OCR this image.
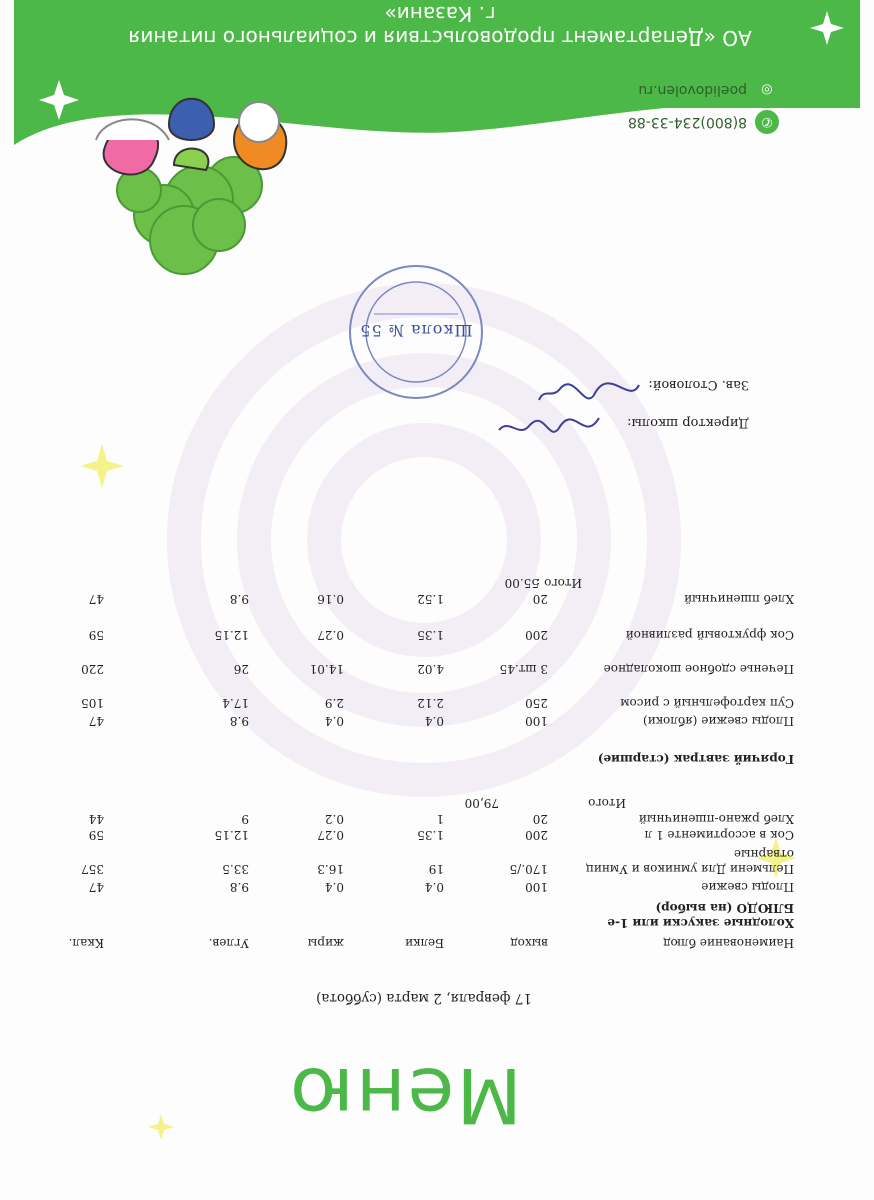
АО «Департамент продовольствия и социального питания г. Казани»
✆
8(800)234-33-88
◎
poelidovolen.ru
Меню
17 февраля, 2 марта (суббота)
Наименование блюд
выход
Белки
жиры
Углев.
Ккал.
Холодные закуски или 1-е БЛЮДО (на выбор)
Плоды свежие
100
0.4
0.4
9.8
47
Пельмени Для умников и Умниц отварные
170./5
19
16.3
33.5
357
Сок в ассортименте 1 л
200
1.35
0.27
12.15
59
Хлеб ржано-пшеничный
20
1
0.2
9
44
Итого
79,00
Горячий завтрак (старшие)
Плоды свежие (яблоки)
100
0.4
0.4
9.8
47
Суп картофельный с рисом
250
2.12
2.9
17.4
105
Печенье сдобное шоколадное
3 шт.45
4.02
14.01
26
220
Сок фруктовый разливной
200
1.35
0.27
12.15
59
Хлеб пшеничный
20
1.52
0.16
9.8
47
Итого :
55.00
Директор школы:
Зав. Столовой:
Школа № 55
